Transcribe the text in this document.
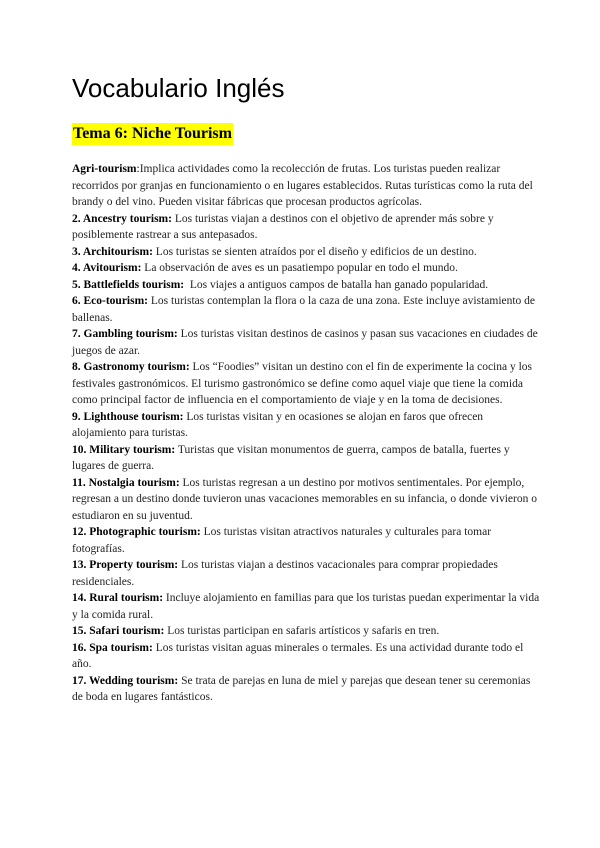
Vocabulario Inglés
Tema 6: Niche Tourism
Agri-tourism:Implica actividades como la recolección de frutas. Los turistas pueden realizar recorridos por granjas en funcionamiento o en lugares establecidos. Rutas turísticas como la ruta del brandy o del vino. Pueden visitar fábricas que procesan productos agrícolas.
2. Ancestry tourism: Los turistas viajan a destinos con el objetivo de aprender más sobre y posiblemente rastrear a sus antepasados.
3. Architourism: Los turistas se sienten atraídos por el diseño y edificios de un destino.
4. Avitourism: La observación de aves es un pasatiempo popular en todo el mundo.
5. Battlefields tourism: Los viajes a antiguos campos de batalla han ganado popularidad.
6. Eco-tourism: Los turistas contemplan la flora o la caza de una zona. Este incluye avistamiento de ballenas.
7. Gambling tourism: Los turistas visitan destinos de casinos y pasan sus vacaciones en ciudades de juegos de azar.
8. Gastronomy tourism: Los “Foodies” visitan un destino con el fin de experimente la cocina y los festivales gastronómicos. El turismo gastronómico se define como aquel viaje que tiene la comida como principal factor de influencia en el comportamiento de viaje y en la toma de decisiones.
9. Lighthouse tourism: Los turistas visitan y en ocasiones se alojan en faros que ofrecen alojamiento para turistas.
10. Military tourism: Turistas que visitan monumentos de guerra, campos de batalla, fuertes y lugares de guerra.
11. Nostalgia tourism: Los turistas regresan a un destino por motivos sentimentales. Por ejemplo, regresan a un destino donde tuvieron unas vacaciones memorables en su infancia, o donde vivieron o estudiaron en su juventud.
12. Photographic tourism: Los turistas visitan atractivos naturales y culturales para tomar fotografías.
13. Property tourism: Los turistas viajan a destinos vacacionales para comprar propiedades residenciales.
14. Rural tourism: Incluye alojamiento en familias para que los turistas puedan experimentar la vida y la comida rural.
15. Safari tourism: Los turistas participan en safaris artísticos y safaris en tren.
16. Spa tourism: Los turistas visitan aguas minerales o termales. Es una actividad durante todo el año.
17. Wedding tourism: Se trata de parejas en luna de miel y parejas que desean tener su ceremonias de boda en lugares fantásticos.
